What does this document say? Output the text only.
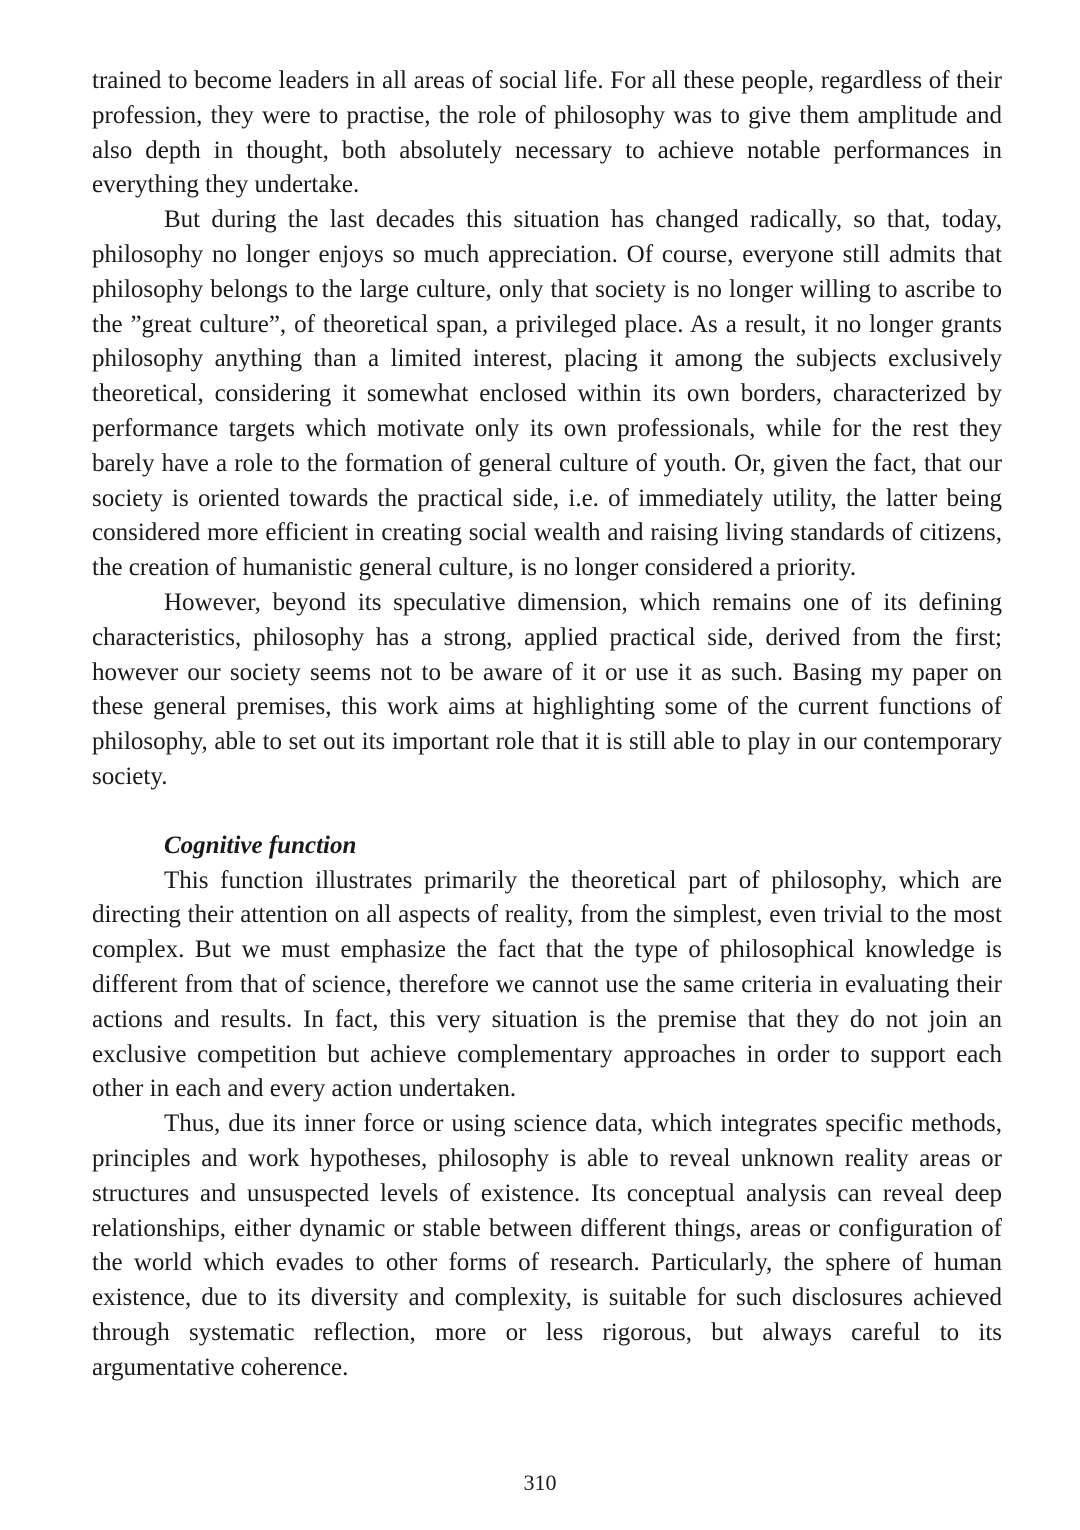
trained to become leaders in all areas of social life. For all these people, regardless of their profession, they were to practise, the role of philosophy was to give them amplitude and also depth in thought, both absolutely necessary to achieve notable performances in everything they undertake.

But during the last decades this situation has changed radically, so that, today, philosophy no longer enjoys so much appreciation. Of course, everyone still admits that philosophy belongs to the large culture, only that society is no longer willing to ascribe to the ”great culture”, of theoretical span, a privileged place. As a result, it no longer grants philosophy anything than a limited interest, placing it among the subjects exclusively theoretical, considering it somewhat enclosed within its own borders, characterized by performance targets which motivate only its own professionals, while for the rest they barely have a role to the formation of general culture of youth. Or, given the fact, that our society is oriented towards the practical side, i.e. of immediately utility, the latter being considered more efficient in creating social wealth and raising living standards of citizens, the creation of humanistic general culture, is no longer considered a priority.

However, beyond its speculative dimension, which remains one of its defining characteristics, philosophy has a strong, applied practical side, derived from the first; however our society seems not to be aware of it or use it as such. Basing my paper on these general premises, this work aims at highlighting some of the current functions of philosophy, able to set out its important role that it is still able to play in our contemporary society.

Cognitive function

This function illustrates primarily the theoretical part of philosophy, which are directing their attention on all aspects of reality, from the simplest, even trivial to the most complex. But we must emphasize the fact that the type of philosophical knowledge is different from that of science, therefore we cannot use the same criteria in evaluating their actions and results. In fact, this very situation is the premise that they do not join an exclusive competition but achieve complementary approaches in order to support each other in each and every action undertaken.

Thus, due its inner force or using science data, which integrates specific methods, principles and work hypotheses, philosophy is able to reveal unknown reality areas or structures and unsuspected levels of existence. Its conceptual analysis can reveal deep relationships, either dynamic or stable between different things, areas or configuration of the world which evades to other forms of research. Particularly, the sphere of human existence, due to its diversity and complexity, is suitable for such disclosures achieved through systematic reflection, more or less rigorous, but always careful to its argumentative coherence.

310
